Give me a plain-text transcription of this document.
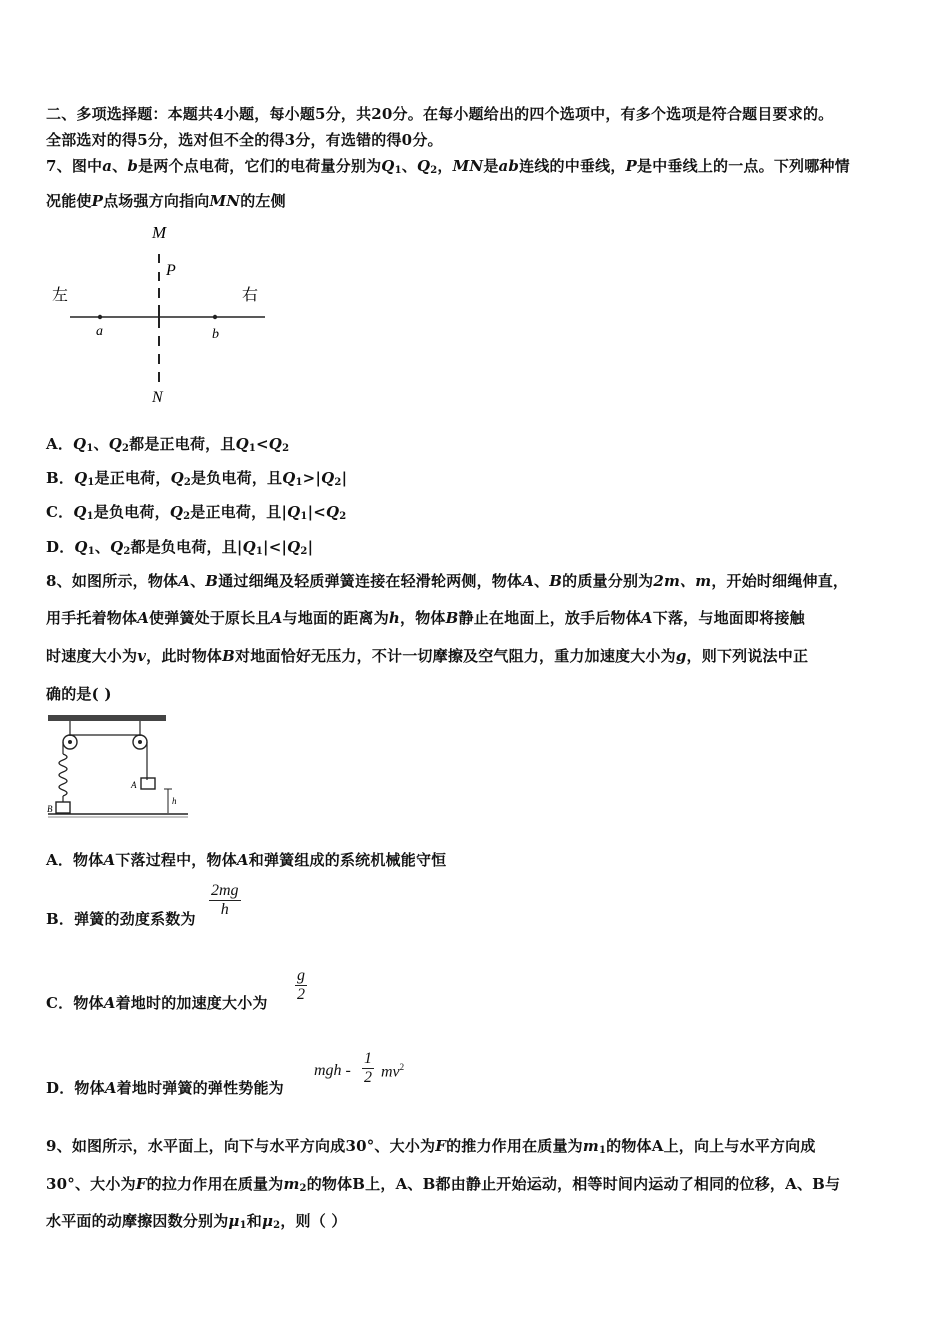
二、多项选择题：本题共4小题，每小题5分，共20分。在每小题给出的四个选项中，有多个选项是符合题目要求的。
全部选对的得5分，选对但不全的得3分，有选错的得0分。
7、图中a、b是两个点电荷，它们的电荷量分别为$Q_1$、$Q_2$，MN是ab连线的中垂线，P是中垂线上的一点。下列哪种情
况能使P点场强方向指向MN的左侧
M
P
左	右
a	b
N
A．$Q_1$、$Q_2$都是正电荷，且$Q_1<Q_2$
B．$Q_1$是正电荷，$Q_2$是负电荷，且$Q_1>|Q_2|$
C．$Q_1$是负电荷，$Q_2$是正电荷，且$|Q_1|<Q_2$
D．$Q_1$、$Q_2$都是负电荷，且$|Q_1|<|Q_2|$
8、如图所示，物体A、B通过细绳及轻质弹簧连接在轻滑轮两侧，物体A、B的质量分别为2m、m，开始时细绳伸直，
用手托着物体A使弹簧处于原长且A与地面的距离为h，物体B静止在地面上，放手后物体A下落，与地面即将接触
时速度大小为v，此时物体B对地面恰好无压力，不计一切摩擦及空气阻力，重力加速度大小为g，则下列说法中正
确的是( )
A
B
h
A．物体A下落过程中，物体A和弹簧组成的系统机械能守恒
B．弹簧的劲度系数为
2mg
h
C．物体A着地时的加速度大小为
g
2
D．物体A着地时弹簧的弹性势能为
mgh -
1
2 $mv^2$
9、如图所示，水平面上，向下与水平方向成30°、大小为F的推力作用在质量为$m_1$的物体A上，向上与水平方向成
30°、大小为F的拉力作用在质量为$m_2$的物体B上，A、B都由静止开始运动，相等时间内运动了相同的位移，A、B与
水平面的动摩擦因数分别为$\mu_1$和$\mu_2$，则（ ）
